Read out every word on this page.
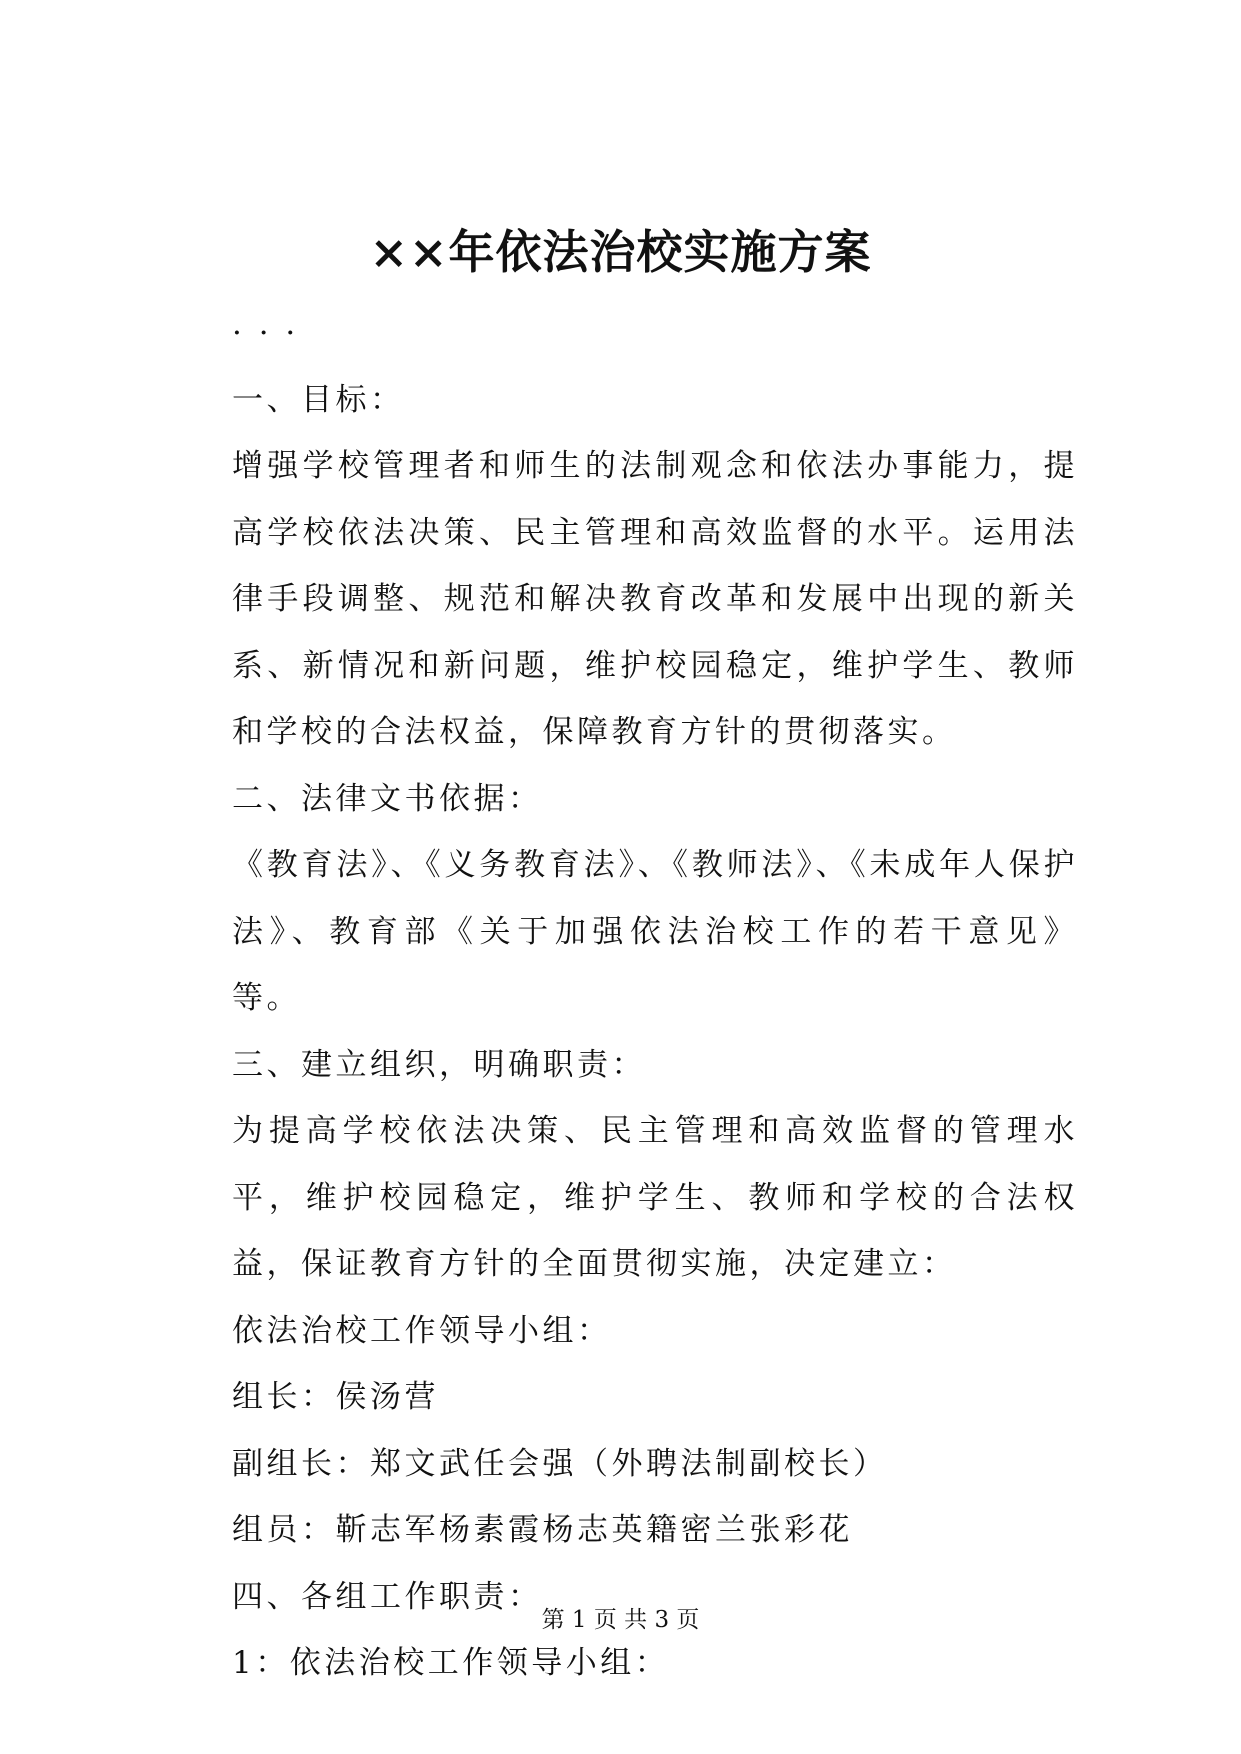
××年依法治校实施方案

· · ·

一、目标：

增强学校管理者和师生的法制观念和依法办事能力，提高学校依法决策、民主管理和高效监督的水平。运用法律手段调整、规范和解决教育改革和发展中出现的新关系、新情况和新问题，维护校园稳定，维护学生、教师和学校的合法权益，保障教育方针的贯彻落实。

二、法律文书依据：

《教育法》、《义务教育法》、《教师法》、《未成年人保护法》、教育部《关于加强依法治校工作的若干意见》等。

三、建立组织，明确职责：

为提高学校依法决策、民主管理和高效监督的管理水平，维护校园稳定，维护学生、教师和学校的合法权益，保证教育方针的全面贯彻实施，决定建立：

依法治校工作领导小组：

组长：侯汤营

副组长：郑文武任会强（外聘法制副校长）

组员：靳志军杨素霞杨志英籍密兰张彩花

四、各组工作职责：

1：依法治校工作领导小组：

第 1 页 共 3 页
